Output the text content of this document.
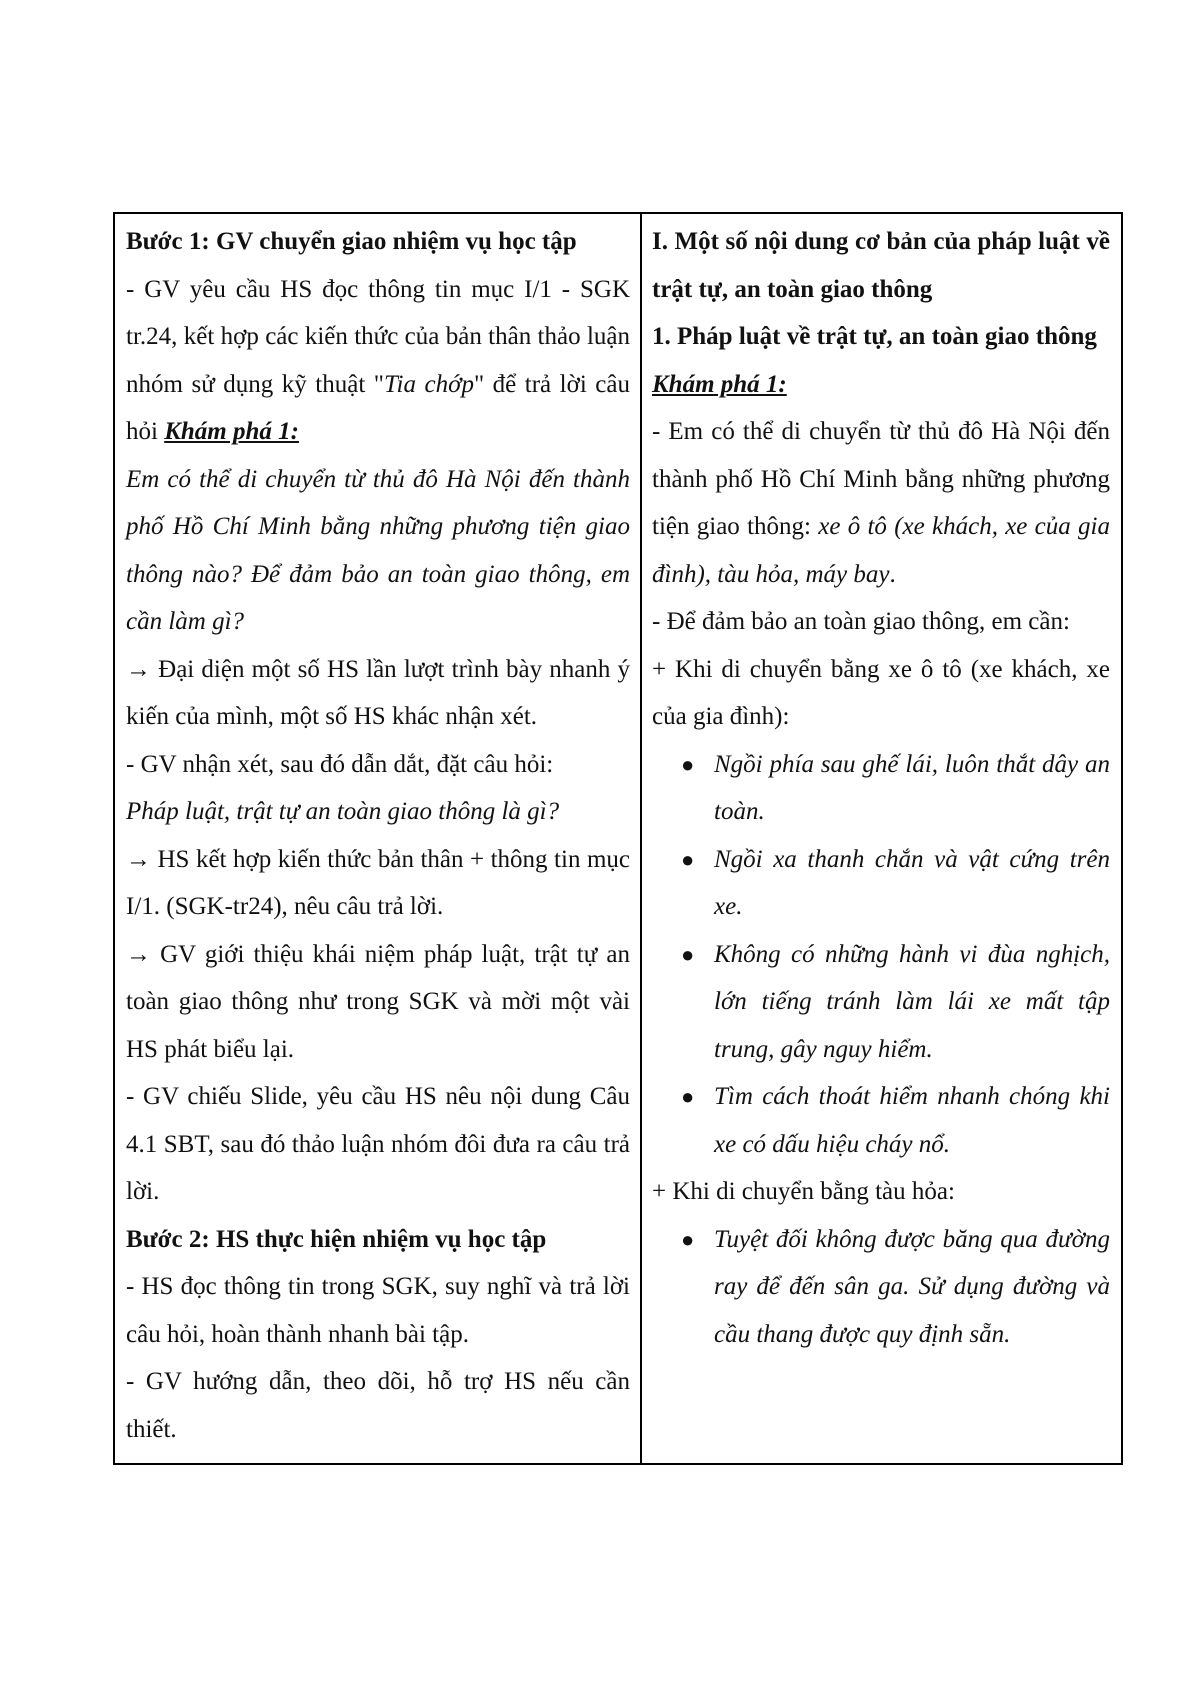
Bước 1: GV chuyển giao nhiệm vụ học tập
- GV yêu cầu HS đọc thông tin mục I/1 - SGK tr.24, kết hợp các kiến thức của bản thân thảo luận nhóm sử dụng kỹ thuật "Tia chớp" để trả lời câu hỏi Khám phá 1:
Em có thể di chuyển từ thủ đô Hà Nội đến thành phố Hồ Chí Minh bằng những phương tiện giao thông nào? Để đảm bảo an toàn giao thông, em cần làm gì?
→ Đại diện một số HS lần lượt trình bày nhanh ý kiến của mình, một số HS khác nhận xét.
- GV nhận xét, sau đó dẫn dắt, đặt câu hỏi:
Pháp luật, trật tự an toàn giao thông là gì?
→ HS kết hợp kiến thức bản thân + thông tin mục I/1. (SGK-tr24), nêu câu trả lời.
→ GV giới thiệu khái niệm pháp luật, trật tự an toàn giao thông như trong SGK và mời một vài HS phát biểu lại.
- GV chiếu Slide, yêu cầu HS nêu nội dung Câu 4.1 SBT, sau đó thảo luận nhóm đôi đưa ra câu trả lời.
Bước 2: HS thực hiện nhiệm vụ học tập
- HS đọc thông tin trong SGK, suy nghĩ và trả lời câu hỏi, hoàn thành nhanh bài tập.
- GV hướng dẫn, theo dõi, hỗ trợ HS nếu cần thiết.
I. Một số nội dung cơ bản của pháp luật về trật tự, an toàn giao thông
1. Pháp luật về trật tự, an toàn giao thông
Khám phá 1:
- Em có thể di chuyển từ thủ đô Hà Nội đến thành phố Hồ Chí Minh bằng những phương tiện giao thông: xe ô tô (xe khách, xe của gia đình), tàu hỏa, máy bay.
- Để đảm bảo an toàn giao thông, em cần:
+ Khi di chuyển bằng xe ô tô (xe khách, xe của gia đình):
● Ngồi phía sau ghế lái, luôn thắt dây an toàn.
● Ngồi xa thanh chắn và vật cứng trên xe.
● Không có những hành vi đùa nghịch, lớn tiếng tránh làm lái xe mất tập trung, gây nguy hiểm.
● Tìm cách thoát hiểm nhanh chóng khi xe có dấu hiệu cháy nổ.
+ Khi di chuyển bằng tàu hỏa:
● Tuyệt đối không được băng qua đường ray để đến sân ga. Sử dụng đường và cầu thang được quy định sẵn.
